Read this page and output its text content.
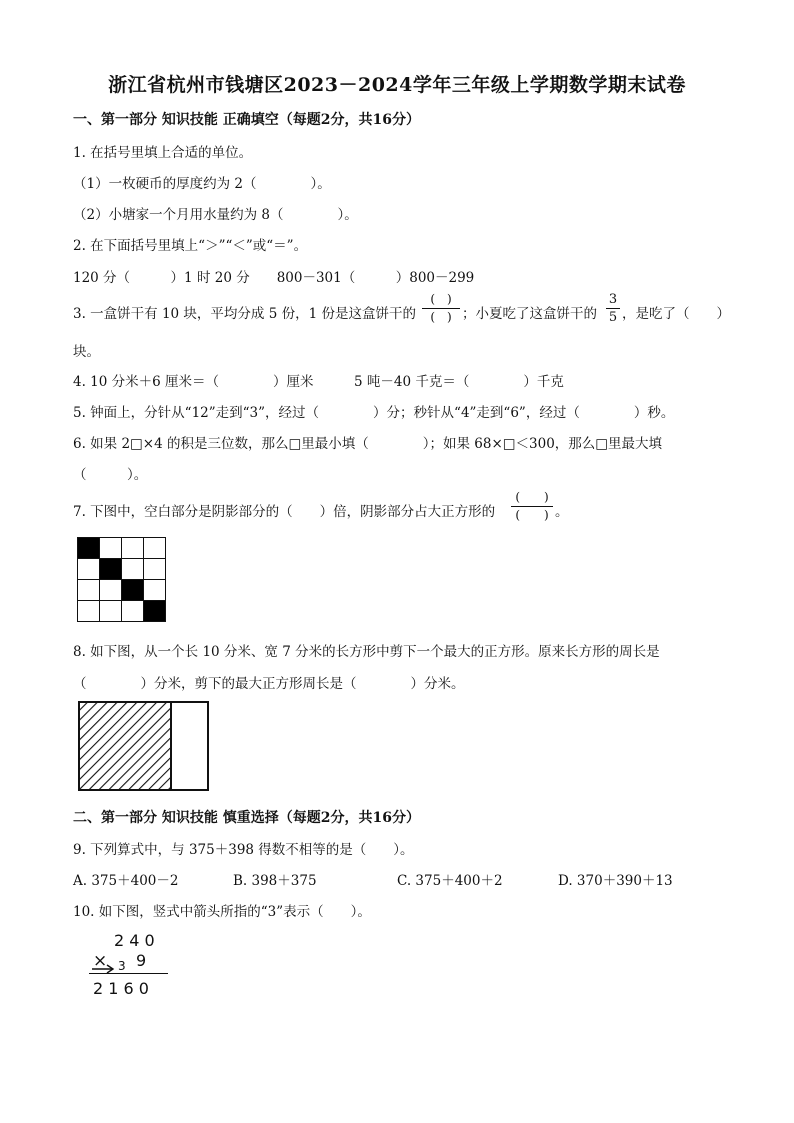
浙江省杭州市钱塘区2023－2024学年三年级上学期数学期末试卷
一、第一部分 知识技能 正确填空（每题2分，共16分）
1. 在括号里填上合适的单位。
（1）一枚硬币的厚度约为 2（　　　　）。
（2）小塘家一个月用水量约为 8（　　　　）。
2. 在下面括号里填上“＞”“＜”或“＝”。
120 分（　　　）1 时 20 分　　800－301（　　　）800－299
3. 一盒饼干有 10 块，平均分成 5 份，1 份是这盒饼干的
(　)
(　) ；小夏吃了这盒饼干的
3
5 ，是吃了（　　）
块。
4. 10 分米＋6 厘米＝（　　　　）厘米　　　5 吨－40 千克＝（　　　　）千克
5. 钟面上，分针从“12”走到“3”，经过（　　　　）分；秒针从“4”走到“6”，经过（　　　　）秒。
6. 如果 2□×4 的积是三位数，那么□里最小填（　　　　）；如果 68×□＜300，那么□里最大填
（　　　）。
7. 下图中，空白部分是阴影部分的（　　）倍，阴影部分占大正方形的
(　　)
(　　) 。

8. 如下图，从一个长 10 分米、宽 7 分米的长方形中剪下一个最大的正方形。原来长方形的周长是
（　　　　）分米，剪下的最大正方形周长是（　　　　）分米。
二、第一部分 知识技能 慎重选择（每题2分，共16分）
9. 下列算式中，与 375＋398 得数不相等的是（　　）。
A. 375＋400－2	B. 398＋375	C. 375＋400＋2	D. 370＋390＋13
10. 如下图，竖式中箭头所指的“3”表示（　　）。
2 4 0
× 3 9
2 1 6 0
